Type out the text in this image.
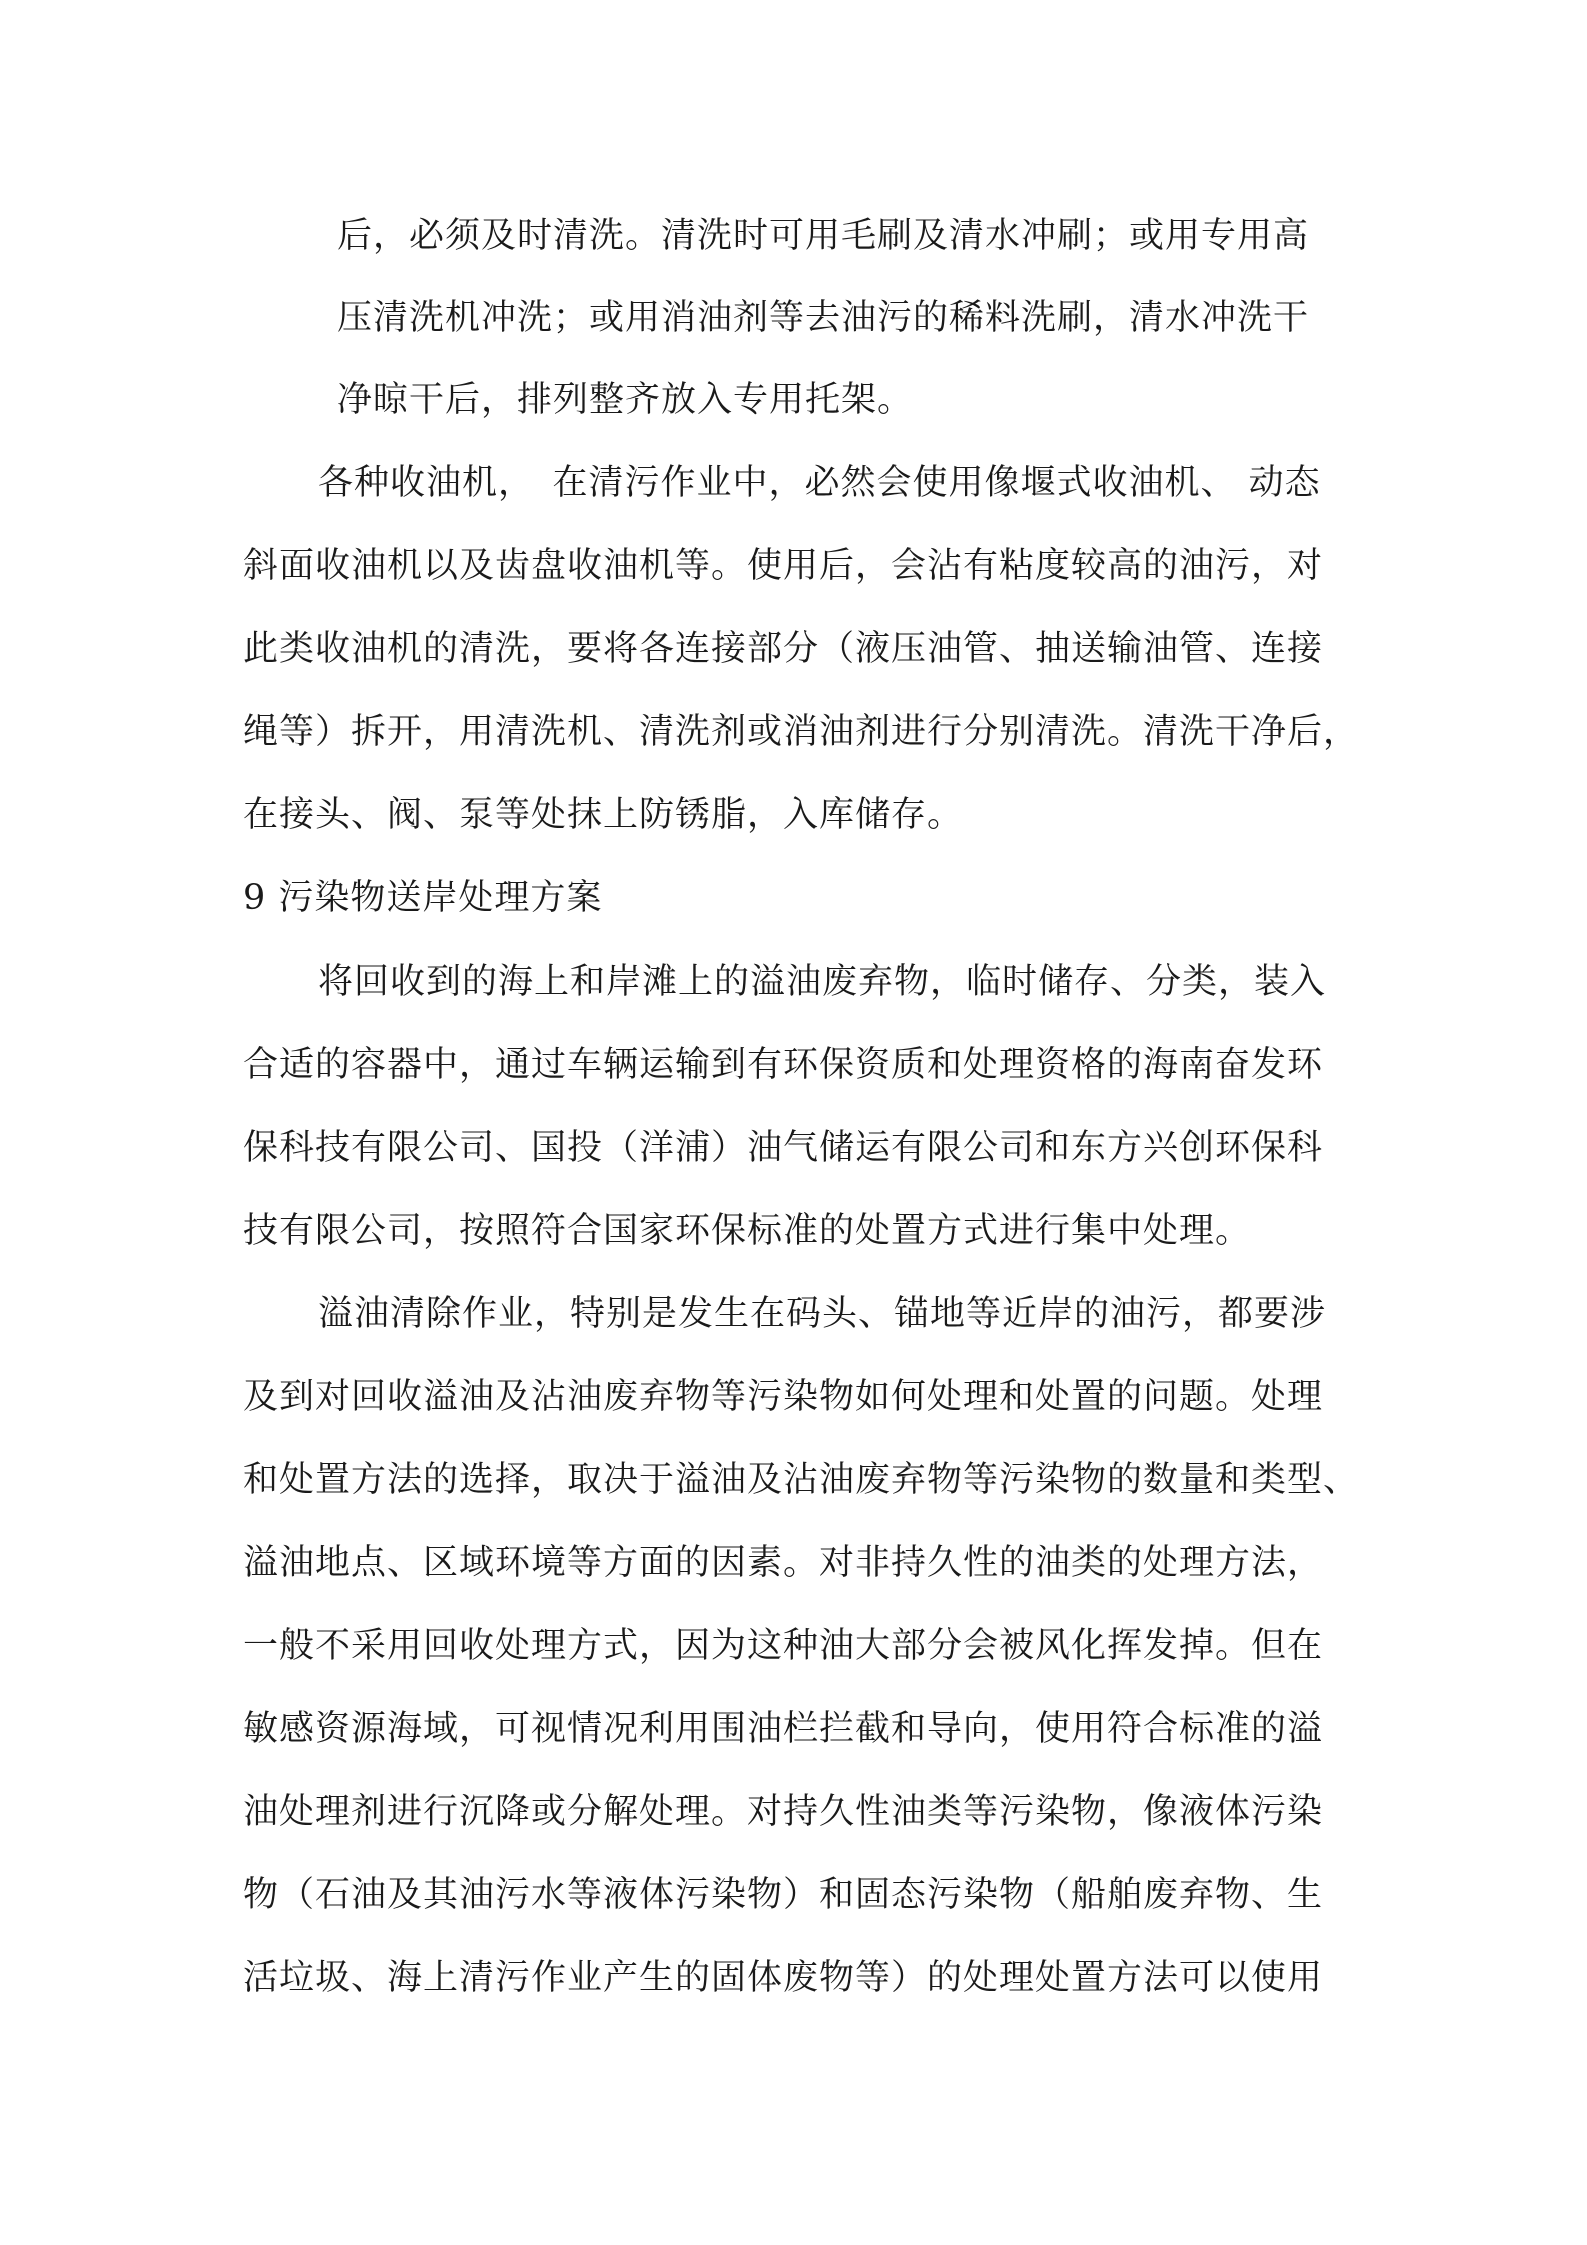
后，必须及时清洗。清洗时可用毛刷及清水冲刷；或用专用高
压清洗机冲洗；或用消油剂等去油污的稀料洗刷，清水冲洗干
净晾干后，排列整齐放入专用托架。
各种收油机，　在清污作业中，必然会使用像堰式收油机、 动态
斜面收油机以及齿盘收油机等。使用后，会沾有粘度较高的油污，对
此类收油机的清洗，要将各连接部分（液压油管、抽送输油管、连接
绳等）拆开，用清洗机、清洗剂或消油剂进行分别清洗。清洗干净后，
在接头、阀、泵等处抹上防锈脂，入库储存。
9 污染物送岸处理方案
将回收到的海上和岸滩上的溢油废弃物，临时储存、分类，装入
合适的容器中，通过车辆运输到有环保资质和处理资格的海南奋发环
保科技有限公司、国投（洋浦）油气储运有限公司和东方兴创环保科
技有限公司，按照符合国家环保标准的处置方式进行集中处理。
溢油清除作业，特别是发生在码头、锚地等近岸的油污，都要涉
及到对回收溢油及沾油废弃物等污染物如何处理和处置的问题。处理
和处置方法的选择，取决于溢油及沾油废弃物等污染物的数量和类型、
溢油地点、区域环境等方面的因素。对非持久性的油类的处理方法，
一般不采用回收处理方式，因为这种油大部分会被风化挥发掉。但在
敏感资源海域，可视情况利用围油栏拦截和导向，使用符合标准的溢
油处理剂进行沉降或分解处理。对持久性油类等污染物，像液体污染
物（石油及其油污水等液体污染物）和固态污染物（船舶废弃物、生
活垃圾、海上清污作业产生的固体废物等）的处理处置方法可以使用
